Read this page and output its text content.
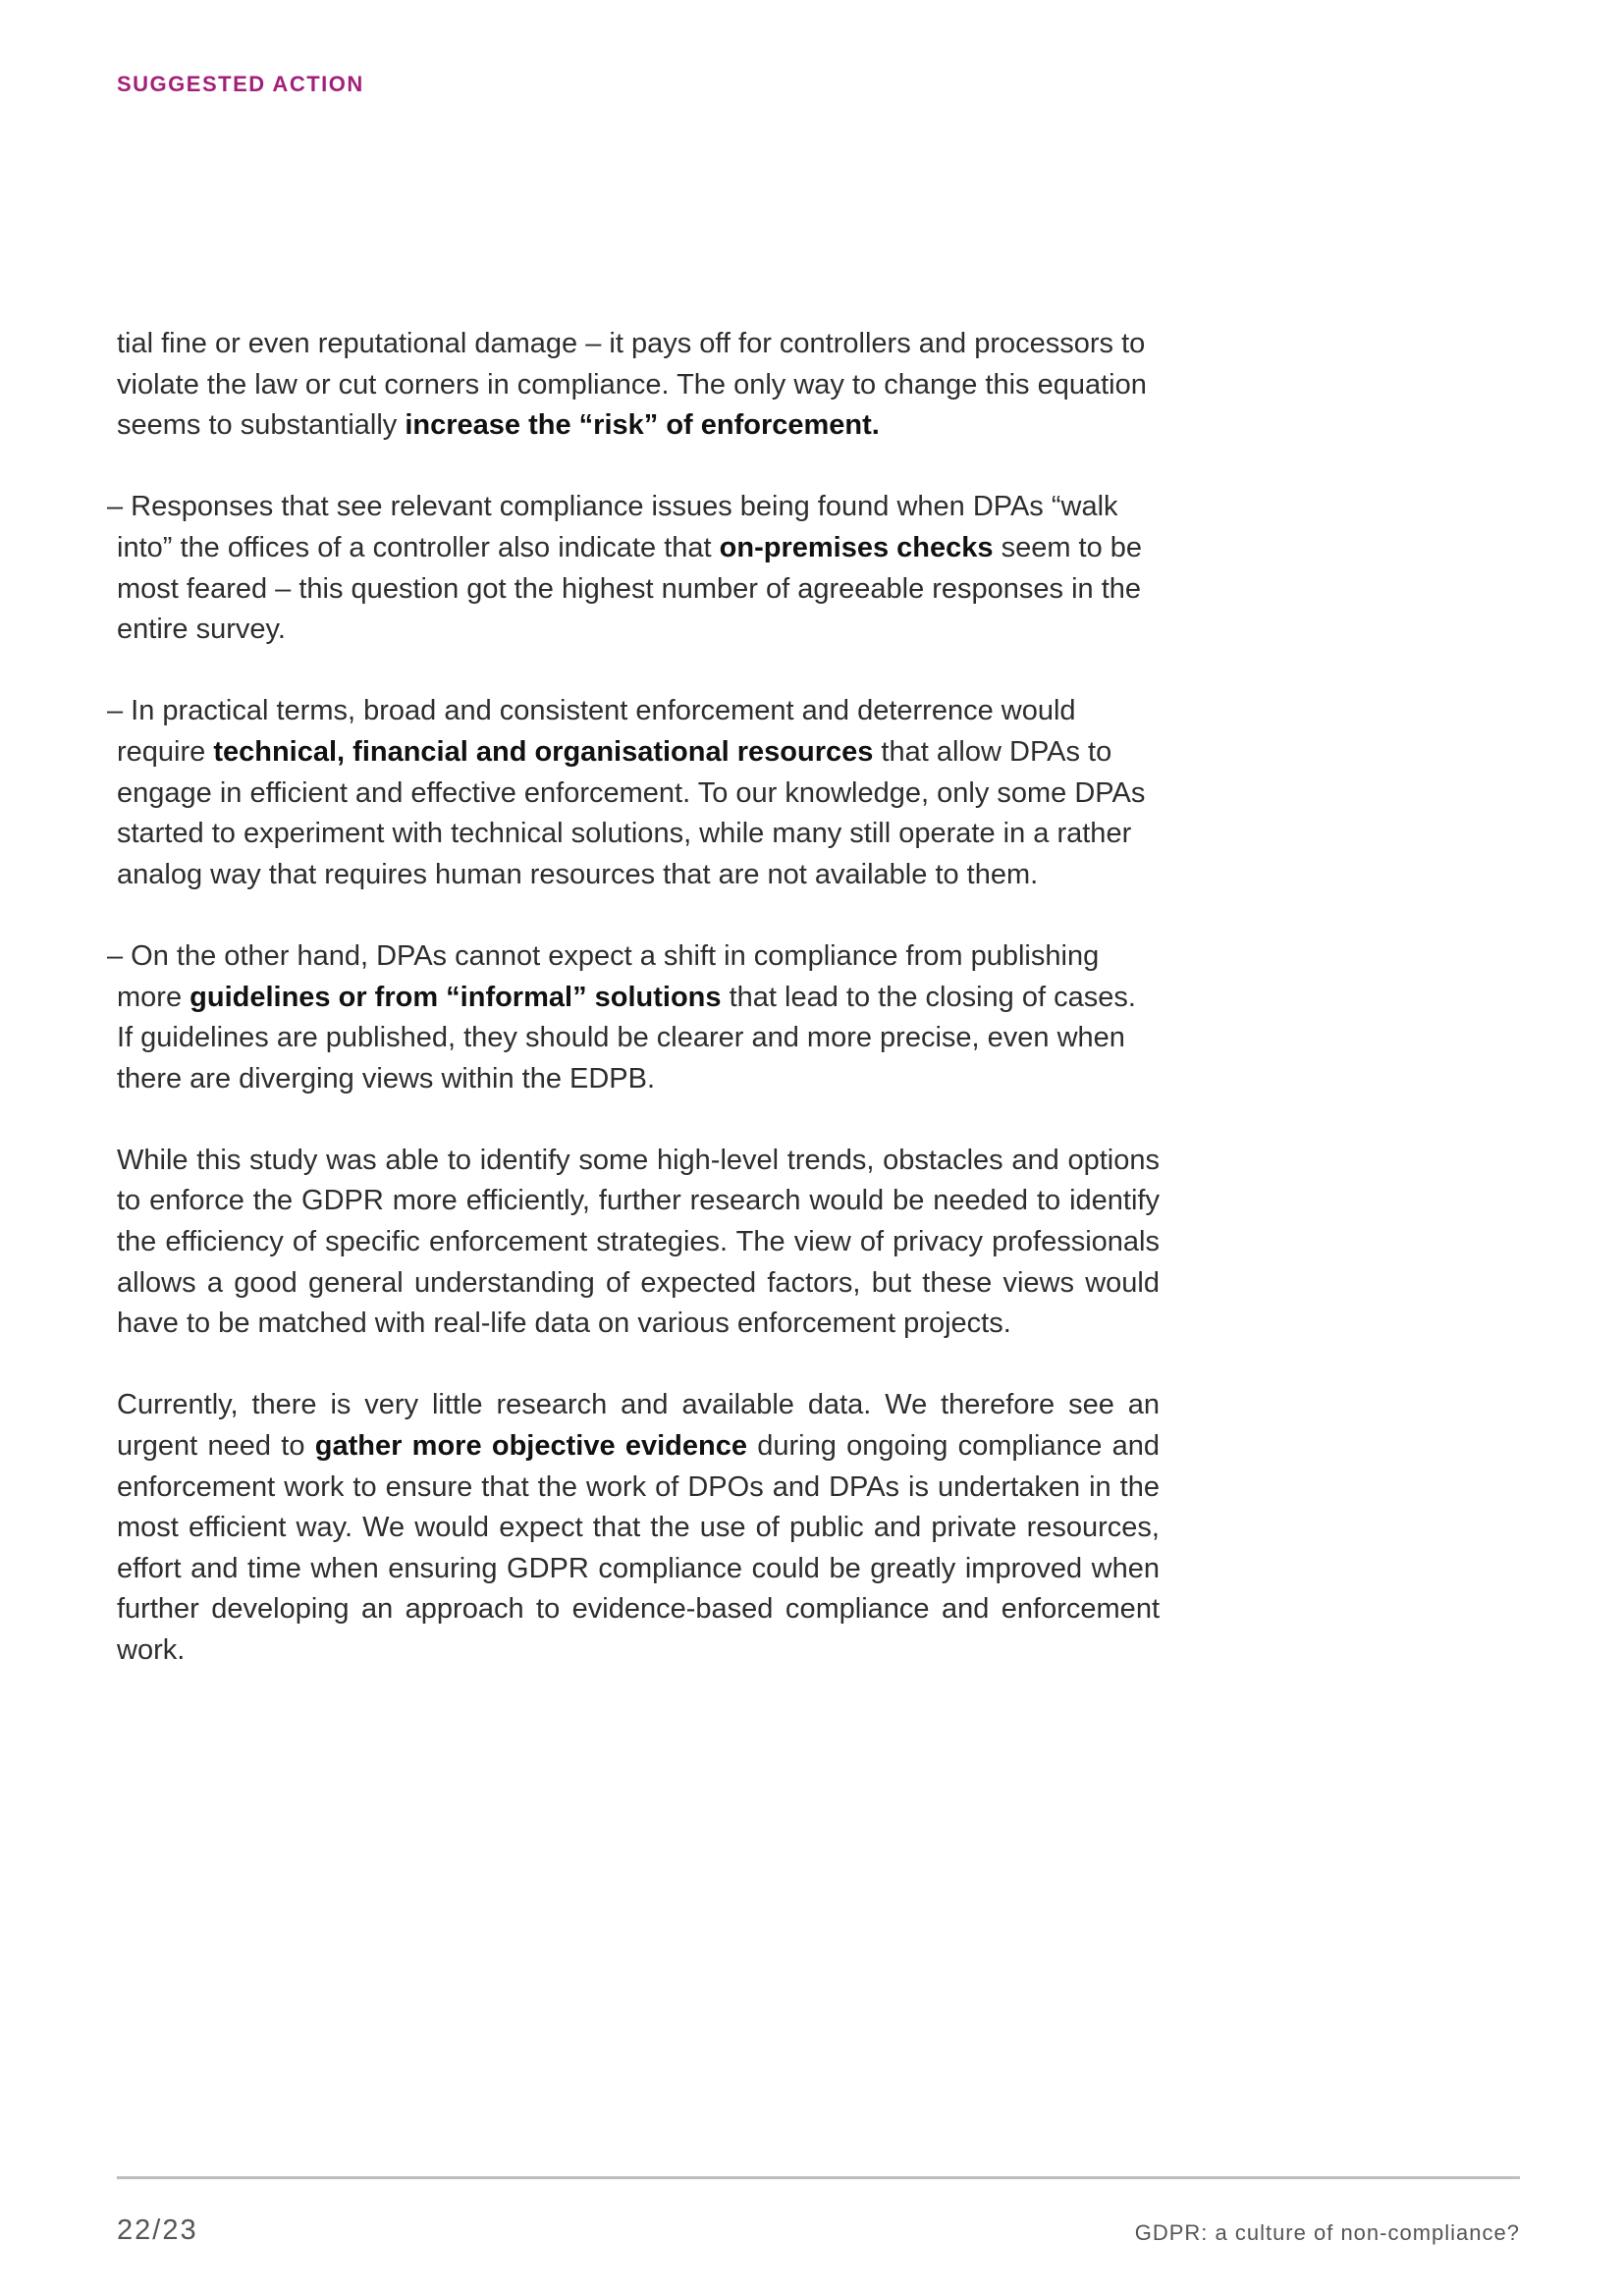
SUGGESTED ACTION

tial fine or even reputational damage – it pays off for controllers and processors to violate the law or cut corners in compliance. The only way to change this equation seems to substantially increase the “risk” of enforcement.

– Responses that see relevant compliance issues being found when DPAs “walk into” the offices of a controller also indicate that on-premises checks seem to be most feared – this question got the highest number of agreeable responses in the entire survey.

– In practical terms, broad and consistent enforcement and deterrence would require technical, financial and organisational resources that allow DPAs to engage in efficient and effective enforcement. To our knowledge, only some DPAs started to experiment with technical solutions, while many still operate in a rather analog way that requires human resources that are not available to them.

– On the other hand, DPAs cannot expect a shift in compliance from publishing more guidelines or from “informal” solutions that lead to the closing of cases. If guidelines are published, they should be clearer and more precise, even when there are diverging views within the EDPB.

While this study was able to identify some high-level trends, obstacles and options to enforce the GDPR more efficiently, further research would be needed to identify the efficiency of specific enforcement strategies. The view of privacy professionals allows a good general understanding of expected factors, but these views would have to be matched with real-life data on various enforcement projects.

Currently, there is very little research and available data. We therefore see an urgent need to gather more objective evidence during ongoing compliance and enforcement work to ensure that the work of DPOs and DPAs is undertaken in the most efficient way. We would expect that the use of public and private resources, effort and time when ensuring GDPR compliance could be greatly improved when further developing an approach to evidence-based compliance and enforcement work.

22/23	GDPR: a culture of non-compliance?
